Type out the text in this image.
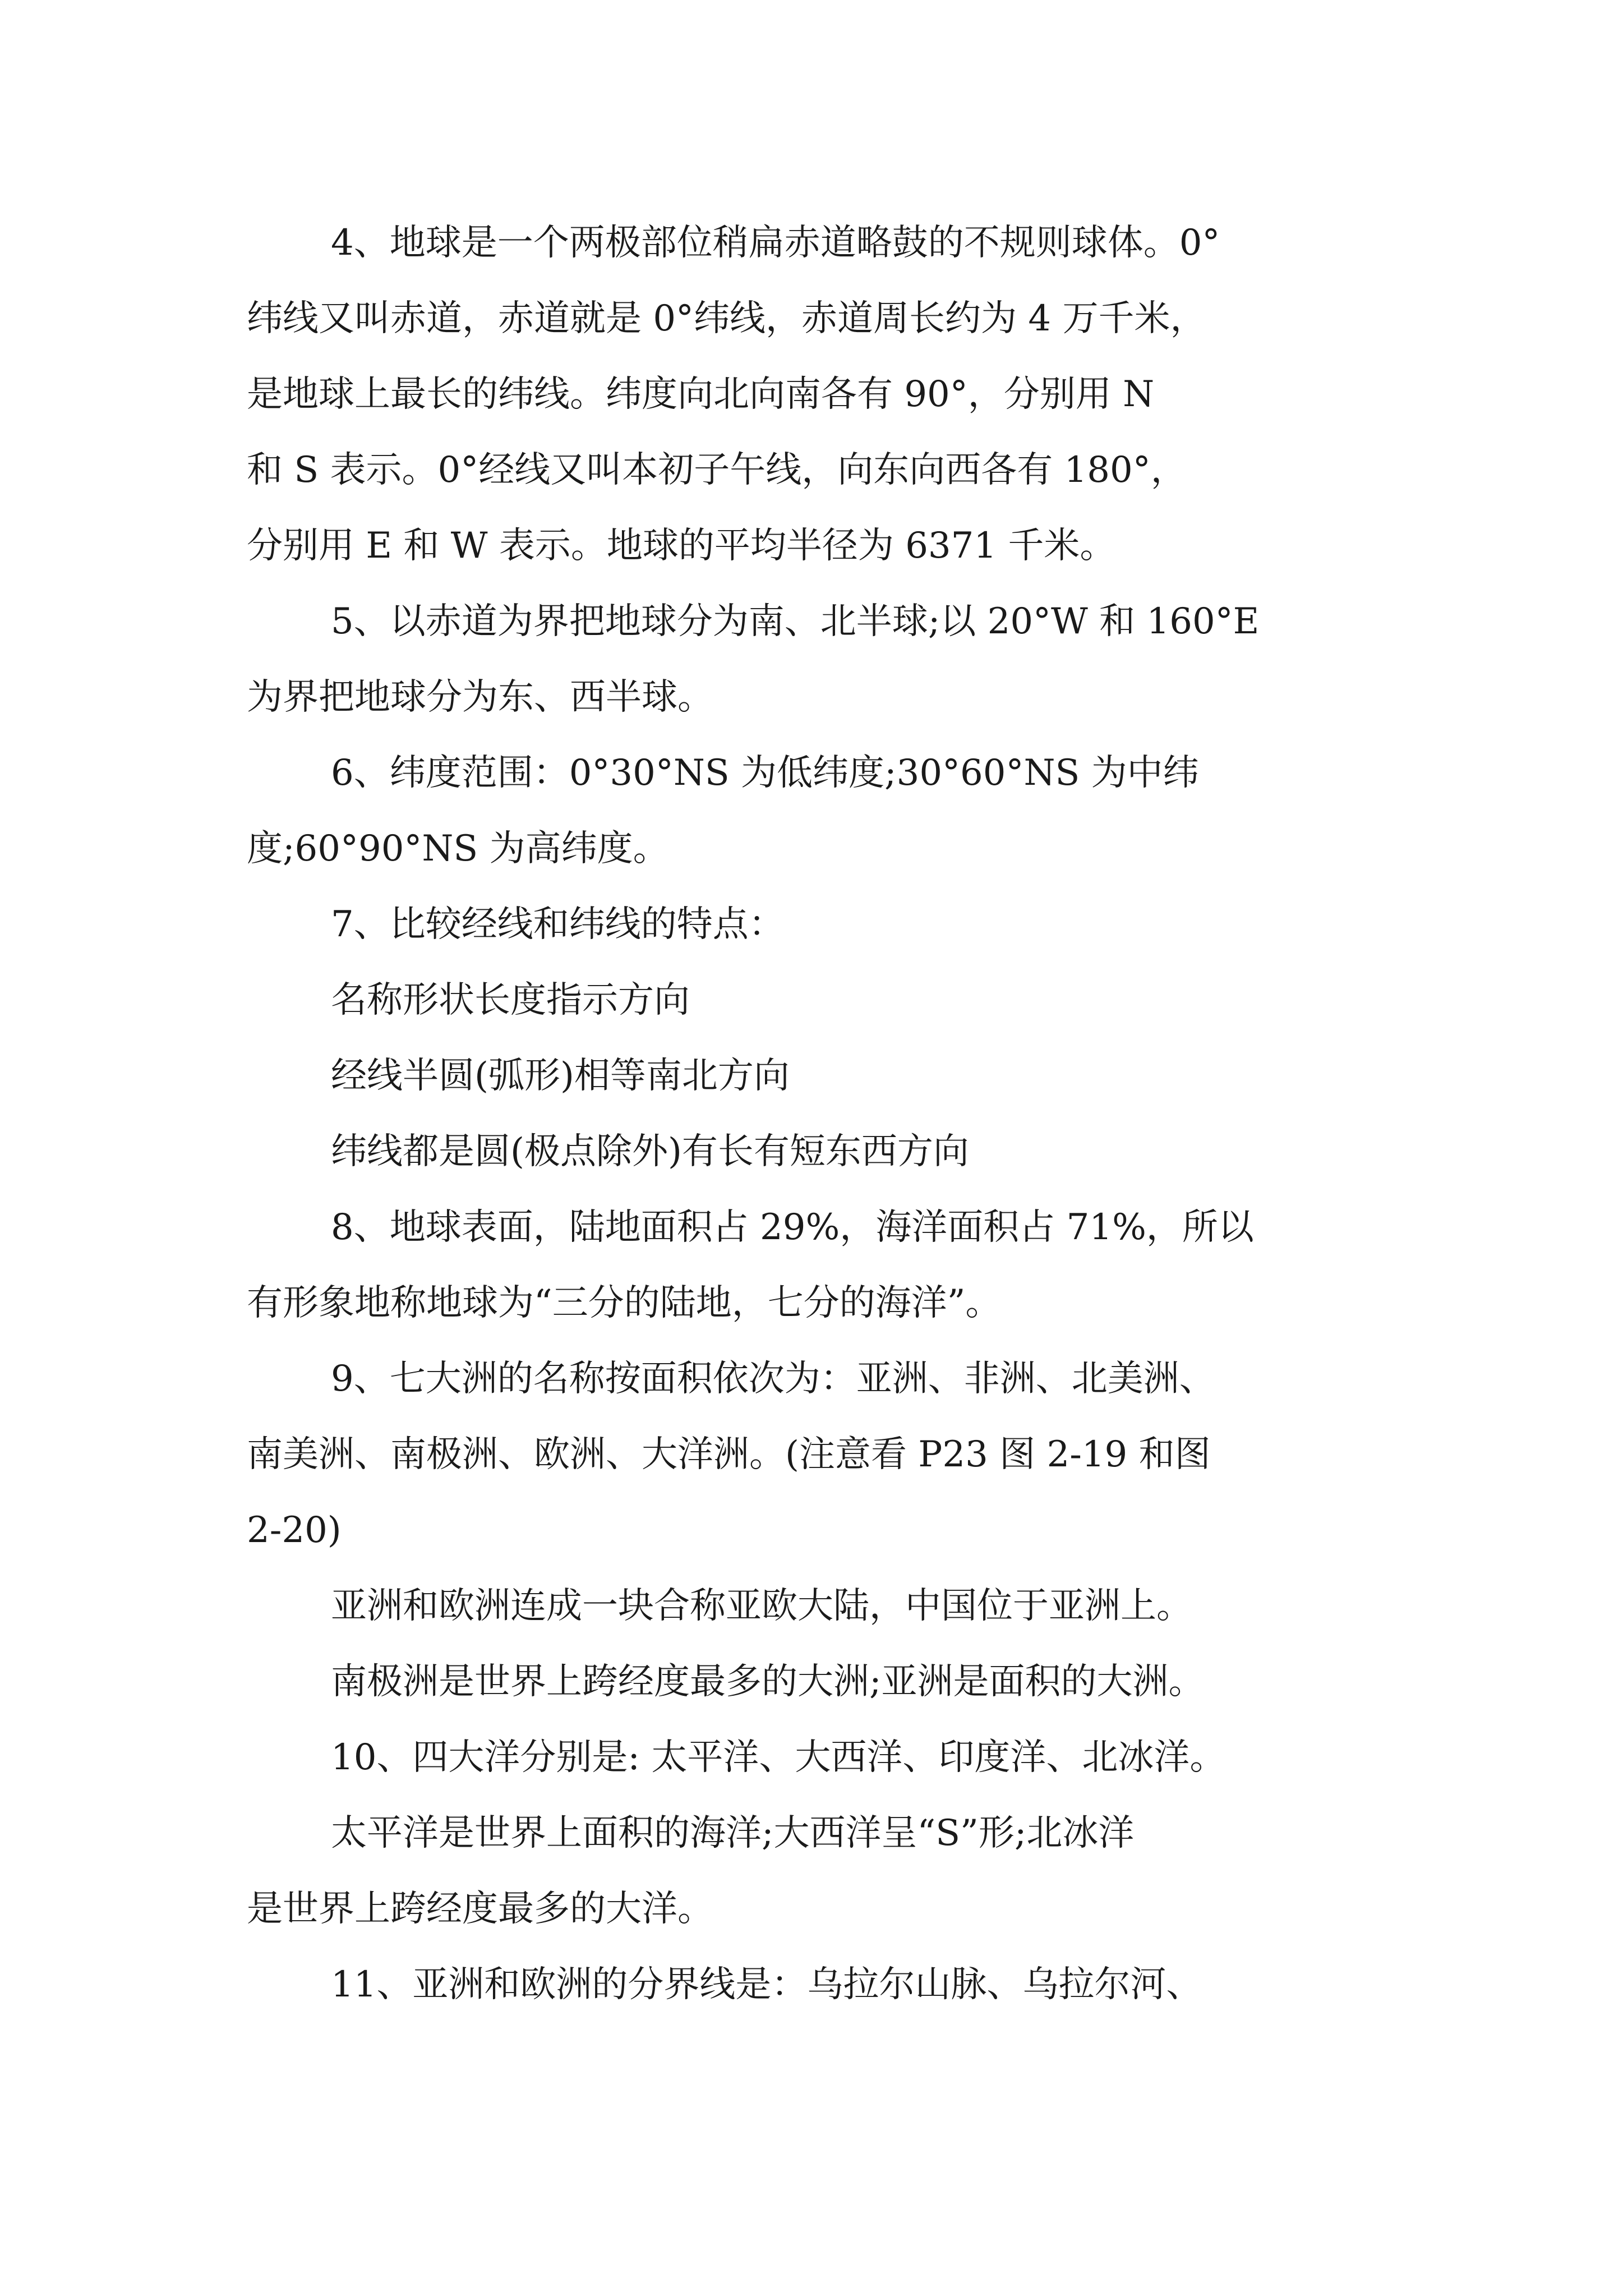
4、地球是一个两极部位稍扁赤道略鼓的不规则球体。0°

纬线又叫赤道，赤道就是 0°纬线，赤道周长约为 4 万千米，

是地球上最长的纬线。纬度向北向南各有 90°，分别用 N

和 S 表示。0°经线又叫本初子午线，向东向西各有 180°，

分别用 E 和 W 表示。地球的平均半径为 6371 千米。

5、以赤道为界把地球分为南、北半球;以 20°W 和 160°E

为界把地球分为东、西半球。

6、纬度范围：0°30°NS 为低纬度;30°60°NS 为中纬

度;60°90°NS 为高纬度。

7、比较经线和纬线的特点：

名称形状长度指示方向

经线半圆(弧形)相等南北方向

纬线都是圆(极点除外)有长有短东西方向

8、地球表面，陆地面积占 29%，海洋面积占 71%，所以

有形象地称地球为“三分的陆地，七分的海洋”。

9、七大洲的名称按面积依次为：亚洲、非洲、北美洲、

南美洲、南极洲、欧洲、大洋洲。(注意看 P23 图 2-19 和图

2-20)

亚洲和欧洲连成一块合称亚欧大陆，中国位于亚洲上。

南极洲是世界上跨经度最多的大洲;亚洲是面积的大洲。

10、四大洋分别是: 太平洋、大西洋、印度洋、北冰洋。

太平洋是世界上面积的海洋;大西洋呈“S”形;北冰洋

是世界上跨经度最多的大洋。

11、亚洲和欧洲的分界线是：乌拉尔山脉、乌拉尔河、
